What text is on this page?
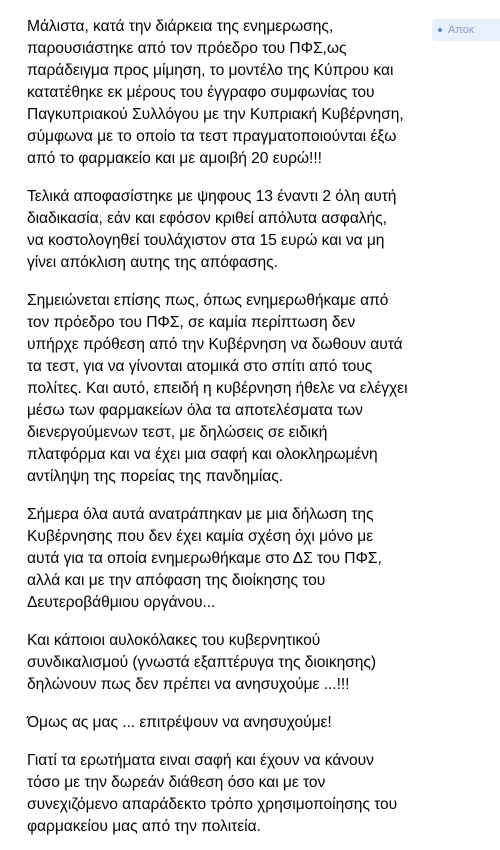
Αποκ

Μάλιστα, κατά την διάρκεια της ενημερωσης,
παρουσιάστηκε από τον πρόεδρο του ΠΦΣ,ως
παράδειγμα προς μίμηση, το μοντέλο της Κύπρου και
κατατέθηκε εκ μέρους του έγγραφο συμφωνίας του
Παγκυπριακού Συλλόγου με την Κυπριακή Κυβέρνηση,
σύμφωνα με το οποίο τα τεστ πραγματοποιούνται έξω
από το φαρμακείο και με αμοιβή 20 ευρώ!!!

Τελικά αποφασίστηκε με ψηφους 13 έναντι 2 όλη αυτή
διαδικασία, εάν και εφόσον κριθεί απόλυτα ασφαλής,
να κοστολογηθεί τουλάχιστον στα 15 ευρώ και να μη
γίνει απόκλιση αυτης της απόφασης.

Σημειώνεται επίσης πως, όπως ενημερωθήκαμε από
τον πρόεδρο του ΠΦΣ, σε καμία περίπτωση δεν
υπήρχε πρόθεση από την Κυβέρνηση να δωθουν αυτά
τα τεστ, για να γίνονται ατομικά στο σπίτι από τους
πολίτες. Και αυτό, επειδή η κυβέρνηση ήθελε να ελέγχει
μέσω των φαρμακείων όλα τα αποτελέσματα των
διενεργούμενων τεστ, με δηλώσεις σε ειδική
πλατφόρμα και να έχει μια σαφή και ολοκληρωμένη
αντίληψη της πορείας της πανδημίας.

Σήμερα όλα αυτά ανατράπηκαν με μια δήλωση της
Κυβέρνησης που δεν έχει καμία σχέση όχι μόνο με
αυτά για τα οποία ενημερωθήκαμε στο ΔΣ του ΠΦΣ,
αλλά και με την απόφαση της διοίκησης του
Δευτεροβάθμιου οργάνου...

Και κάποιοι αυλοκόλακες του κυβερνητικού
συνδικαλισμού (γνωστά εξαπτέρυγα της διοικησης)
δηλώνουν πως δεν πρέπει να ανησυχούμε ...!!!

Όμως ας μας ... επιτρέψουν να ανησυχούμε!

Γιατί τα ερωτήματα ειναι σαφή και έχουν να κάνουν
τόσο με την δωρεάν διάθεση όσο και με τον
συνεχιζόμενο απαράδεκτο τρόπο χρησιμοποίησης του
φαρμακείου μας από την πολιτεία.
